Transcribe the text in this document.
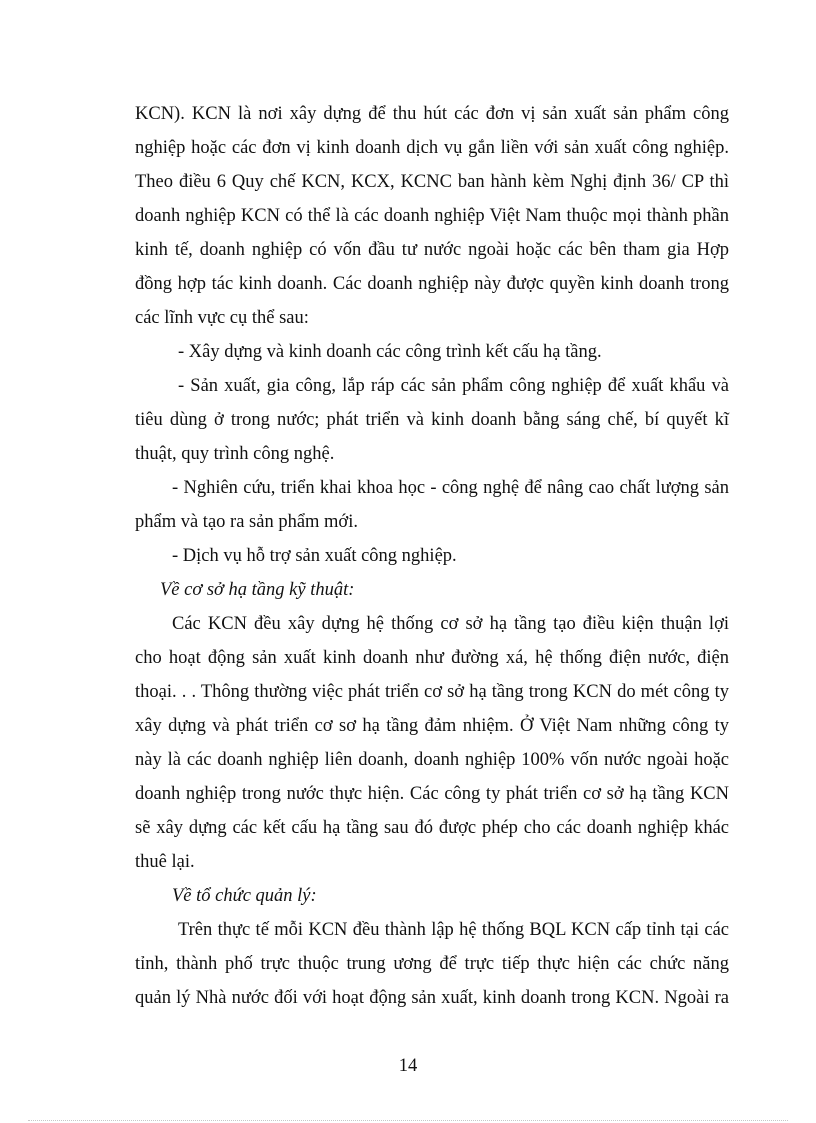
KCN). KCN là nơi xây dựng để thu hút các đơn vị sản xuất sản phẩm công
nghiệp hoặc các đơn vị kinh doanh dịch vụ gắn liền với sản xuất công nghiệp.
Theo điều 6 Quy chế KCN, KCX, KCNC ban hành kèm Nghị định 36/ CP thì
doanh nghiệp KCN có thể là các doanh nghiệp Việt Nam thuộc mọi thành phần
kinh tế, doanh nghiệp có vốn đầu tư nước ngoài hoặc các bên tham gia Hợp
đồng hợp tác kinh doanh. Các doanh nghiệp này được quyền kinh doanh trong
các lĩnh vực cụ thể sau:
- Xây dựng và kinh doanh các công trình kết cấu hạ tầng.
- Sản xuất, gia công, lắp ráp các sản phẩm công nghiệp để xuất khẩu và
tiêu dùng ở trong nước; phát triển và kinh doanh bằng sáng chế, bí quyết kĩ
thuật, quy trình công nghệ.
- Nghiên cứu, triển khai khoa học - công nghệ để nâng cao chất lượng sản
phẩm và tạo ra sản phẩm mới.
- Dịch vụ hỗ trợ sản xuất công nghiệp.
Về cơ sở hạ tầng kỹ thuật:
Các KCN đều xây dựng hệ thống cơ sở hạ tầng tạo điều kiện thuận lợi
cho hoạt động sản xuất kinh doanh như đường xá, hệ thống điện nước, điện
thoại. . . Thông thường việc phát triển cơ sở hạ tầng trong KCN do mét công ty
xây dựng và phát triển cơ sơ hạ tầng đảm nhiệm. Ở Việt Nam những công ty
này là các doanh nghiệp liên doanh, doanh nghiệp 100% vốn nước ngoài hoặc
doanh nghiệp trong nước thực hiện. Các công ty phát triển cơ sở hạ tầng KCN
sẽ xây dựng các kết cấu hạ tầng sau đó được phép cho các doanh nghiệp khác
thuê lại.
Về tổ chức quản lý:
Trên thực tế mỗi KCN đều thành lập hệ thống BQL KCN cấp tỉnh tại các
tỉnh, thành phố trực thuộc trung ương để trực tiếp thực hiện các chức năng
quản lý Nhà nước đối với hoạt động sản xuất, kinh doanh trong KCN. Ngoài ra
14
